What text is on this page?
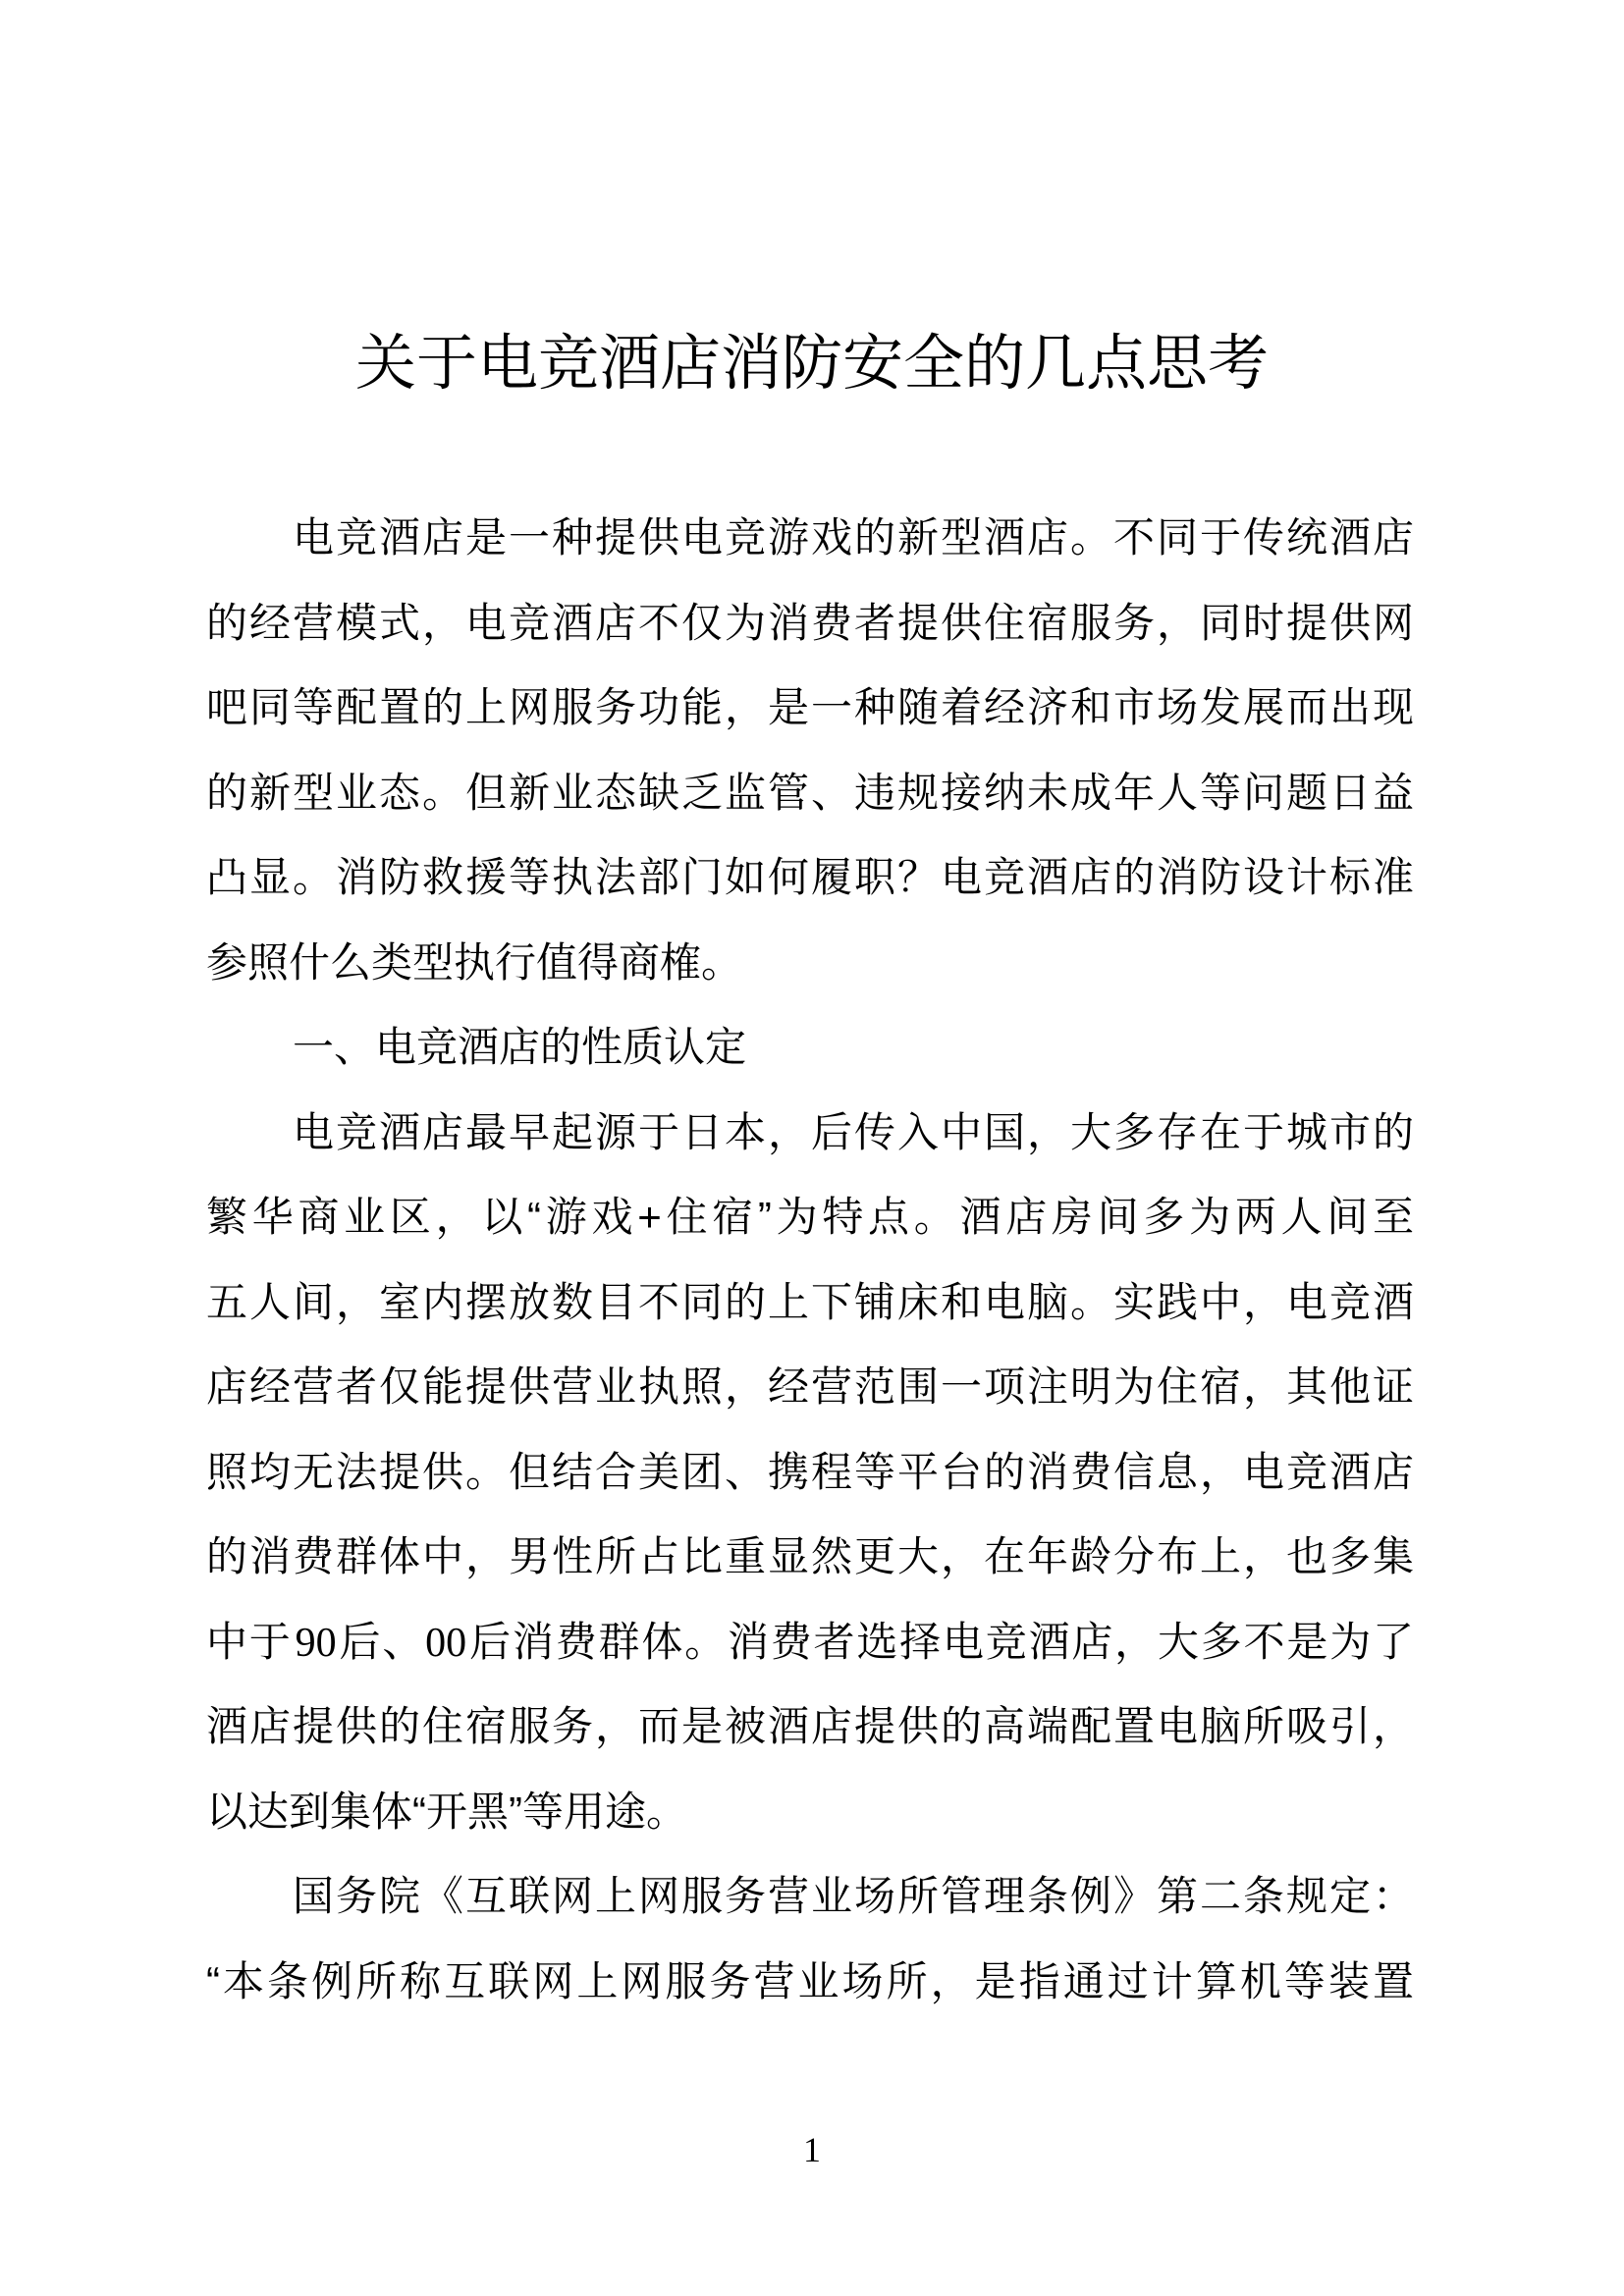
关于电竞酒店消防安全的几点思考
电竞酒店是一种提供电竞游戏的新型酒店。不同于传统酒店
的经营模式，电竞酒店不仅为消费者提供住宿服务，同时提供网
吧同等配置的上网服务功能，是一种随着经济和市场发展而出现
的新型业态。但新业态缺乏监管、违规接纳未成年人等问题日益
凸显。消防救援等执法部门如何履职？电竞酒店的消防设计标准
参照什么类型执行值得商榷。
一、电竞酒店的性质认定
电竞酒店最早起源于日本，后传入中国，大多存在于城市的
繁华商业区，以“游戏+住宿”为特点。酒店房间多为两人间至
五人间，室内摆放数目不同的上下铺床和电脑。实践中，电竞酒
店经营者仅能提供营业执照，经营范围一项注明为住宿，其他证
照均无法提供。但结合美团、携程等平台的消费信息，电竞酒店
的消费群体中，男性所占比重显然更大，在年龄分布上，也多集
中于 90 后、00 后消费群体。消费者选择电竞酒店，大多不是为了
酒店提供的住宿服务，而是被酒店提供的高端配置电脑所吸引，
以达到集体“开黑”等用途。
国务院《互联网上网服务营业场所管理条例》第二条规定：
“本条例所称互联网上网服务营业场所，是指通过计算机等装置
1
